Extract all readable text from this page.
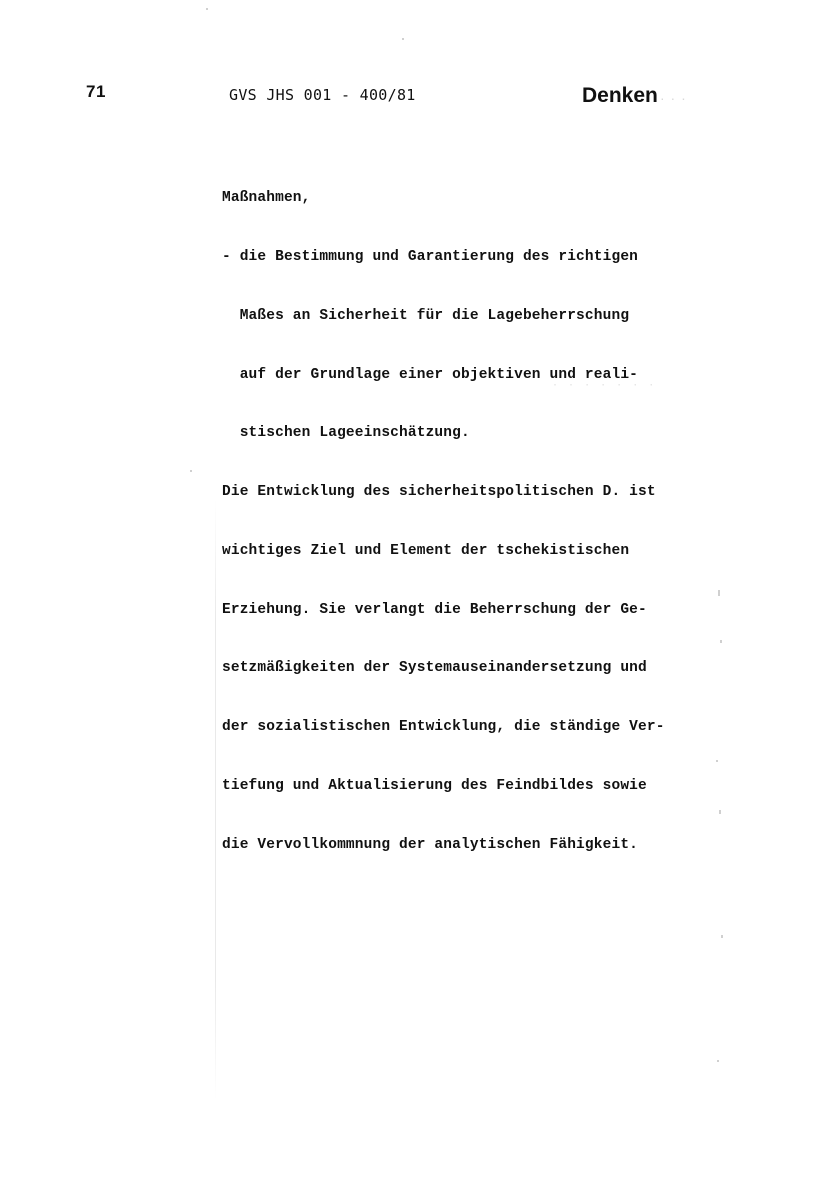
71	GVS JHS 001 - 400/81	Denken · · ·

Maßnahmen,

- die Bestimmung und Garantierung des richtigen

Maßes an Sicherheit für die Lagebeherrschung

auf der Grundlage einer objektiven und reali-

stischen Lageeinschätzung.

Die Entwicklung des sicherheitspolitischen D. ist

wichtiges Ziel und Element der tschekistischen

Erziehung. Sie verlangt die Beherrschung der Ge-

setzmäßigkeiten der Systemauseinandersetzung und

der sozialistischen Entwicklung, die ständige Ver-

tiefung und Aktualisierung des Feindbildes sowie

die Vervollkommnung der analytischen Fähigkeit.

· · · · · · ·
